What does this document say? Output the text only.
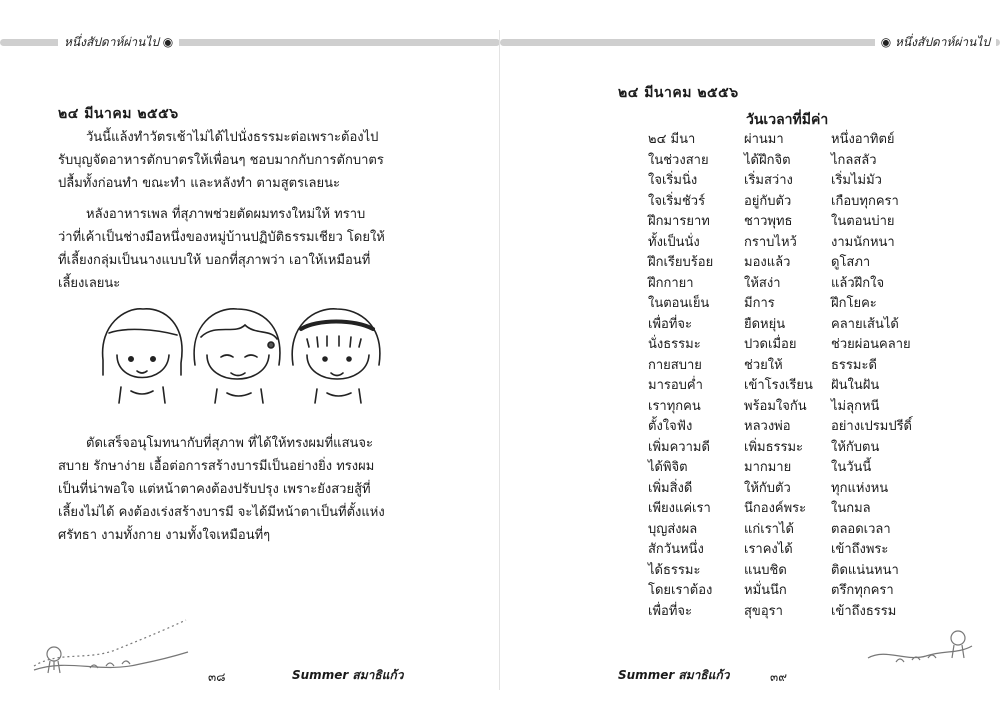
หนึ่งสัปดาห์ผ่านไป ◉
๒๔ มีนาคม ๒๕๕๖

วันนี้แล้งทำวัตรเช้าไม่ได้ไปนั่งธรรมะต่อเพราะต้องไปรับบุญจัดอาหารตักบาตรให้เพื่อนๆ ชอบมากกับการตักบาตร ปลื้มทั้งก่อนทำ ขณะทำ และหลังทำ ตามสูตรเลยนะ

หลังอาหารเพล ที่สุภาพช่วยตัดผมทรงใหม่ให้ ทราบว่าที่เค้าเป็นช่างมือหนึ่งของหมู่บ้านปฏิบัติธรรมเชียว โดยให้ที่เลี้ยงกลุ่มเป็นนางแบบให้ บอกที่สุภาพว่า เอาให้เหมือนที่เลี้ยงเลยนะ

ตัดเสร็จอนุโมทนากับที่สุภาพ ที่ได้ให้ทรงผมที่แสนจะสบาย รักษาง่าย เอื้อต่อการสร้างบารมีเป็นอย่างยิ่ง ทรงผมเป็นที่น่าพอใจ แต่หน้าตาคงต้องปรับปรุง เพราะยังสวยสู้ที่เลี้ยงไม่ได้ คงต้องเร่งสร้างบารมี จะได้มีหน้าตาเป็นที่ตั้งแห่งศรัทธา งามทั้งกาย งามทั้งใจเหมือนที่ๆ

๓๘	Summer สมาธิแก้ว
◉ หนึ่งสัปดาห์ผ่านไป
๒๔ มีนาคม ๒๕๕๖
วันเวลาที่มีค่า
๒๔ มีนา	ผ่านมา	หนึ่งอาทิตย์
ในช่วงสาย	ได้ฝึกจิต	ไกลสลัว
ใจเริ่มนิ่ง	เริ่มสว่าง	เริ่มไม่มัว
ใจเริ่มชัวร์	อยู่กับตัว	เกือบทุกครา
ฝึกมารยาท	ชาวพุทธ	ในตอนบ่าย
ทั้งเป็นนั่ง	กราบไหว้	งามนักหนา
ฝึกเรียบร้อย	มองแล้ว	ดูโสภา
ฝึกกายา	ให้สง่า	แล้วฝึกใจ
ในตอนเย็น	มีการ	ฝึกโยคะ
เพื่อที่จะ	ยืดหยุ่น	คลายเส้นได้
นั่งธรรมะ	ปวดเมื่อย	ช่วยผ่อนคลาย
กายสบาย	ช่วยให้	ธรรมะดี
มารอบค่ำ	เข้าโรงเรียน	ฝันในฝัน
เราทุกคน	พร้อมใจกัน	ไม่ลุกหนี
ตั้งใจฟัง	หลวงพ่อ	อย่างเปรมปรีดิ์
เพิ่มความดี	เพิ่มธรรมะ	ให้กับตน
ได้พิจิต	มากมาย	ในวันนี้
เพิ่มสิ่งดี	ให้กับตัว	ทุกแห่งหน
เพียงแค่เรา	นึกองค์พระ	ในกมล
บุญส่งผล	แก่เราได้	ตลอดเวลา
สักวันหนึ่ง	เราคงได้	เข้าถึงพระ
ได้ธรรมะ	แนบชิด	ติดแน่นหนา
โดยเราต้อง	หมั่นนึก	ตรึกทุกครา
เพื่อที่จะ	สุขอุรา	เข้าถึงธรรม
Summer สมาธิแก้ว	๓๙
